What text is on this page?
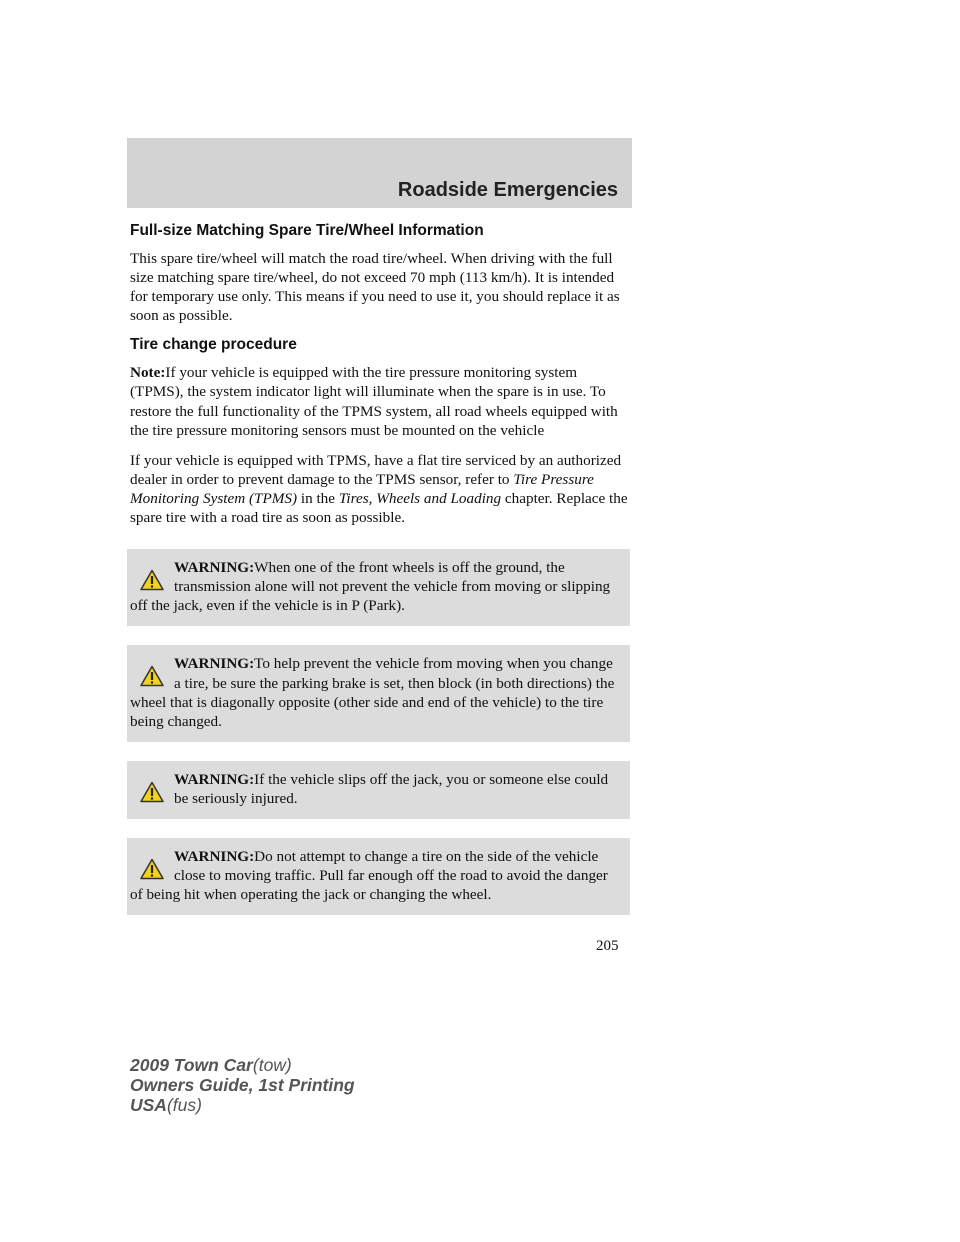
Roadside Emergencies
Full-size Matching Spare Tire/Wheel Information

This spare tire/wheel will match the road tire/wheel. When driving with the full size matching spare tire/wheel, do not exceed 70 mph (113 km/h). It is intended for temporary use only. This means if you need to use it, you should replace it as soon as possible.

Tire change procedure

Note:If your vehicle is equipped with the tire pressure monitoring system (TPMS), the system indicator light will illuminate when the spare is in use. To restore the full functionality of the TPMS system, all road wheels equipped with the tire pressure monitoring sensors must be mounted on the vehicle

If your vehicle is equipped with TPMS, have a flat tire serviced by an authorized dealer in order to prevent damage to the TPMS sensor, refer to Tire Pressure Monitoring System (TPMS) in the Tires, Wheels and Loading chapter. Replace the spare tire with a road tire as soon as possible.

WARNING:When one of the front wheels is off the ground, the transmission alone will not prevent the vehicle from moving or slipping off the jack, even if the vehicle is in P (Park).
WARNING:To help prevent the vehicle from moving when you change a tire, be sure the parking brake is set, then block (in both directions) the wheel that is diagonally opposite (other side and end of the vehicle) to the tire being changed.
WARNING:If the vehicle slips off the jack, you or someone else could be seriously injured.
WARNING:Do not attempt to change a tire on the side of the vehicle close to moving traffic. Pull far enough off the road to avoid the danger of being hit when operating the jack or changing the wheel.
205
2009 Town Car(tow)
Owners Guide, 1st Printing
USA(fus)
